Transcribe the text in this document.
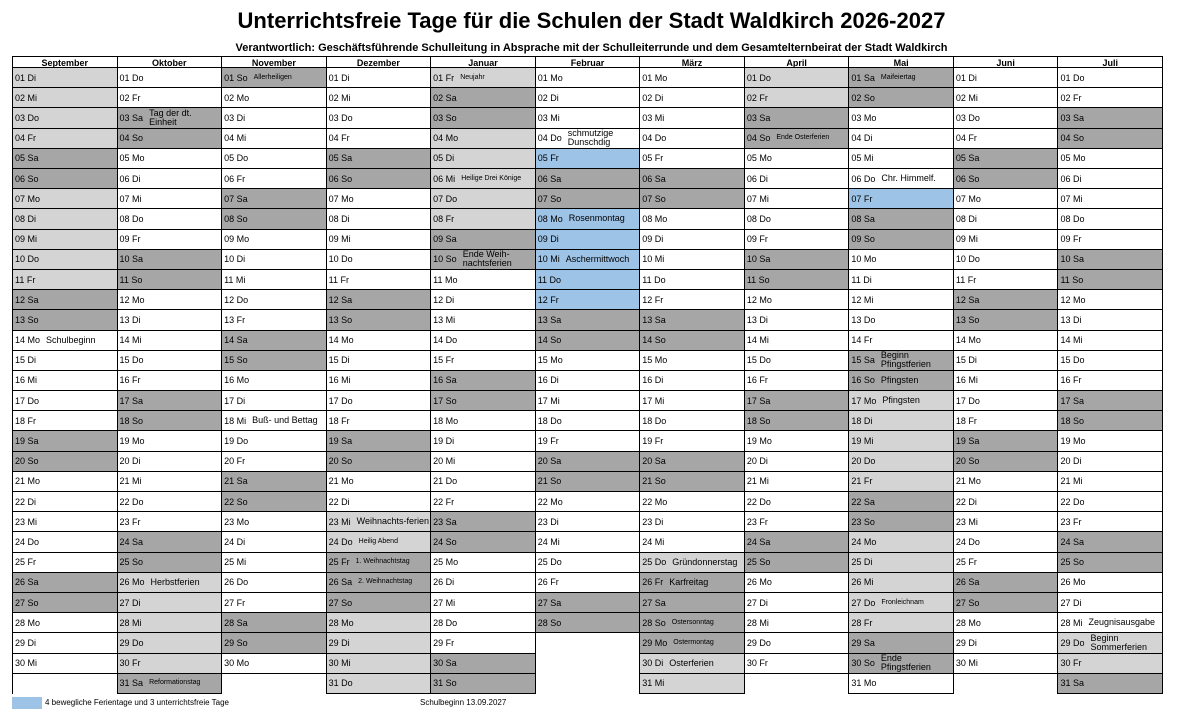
Unterrichtsfreie Tage für die Schulen der Stadt Waldkirch 2026-2027
Verantwortlich: Geschäftsführende Schulleitung in Absprache mit der Schulleiterrunde und dem Gesamtelternbeirat der Stadt Waldkirch
September
01 Di
02 Mi
03 Do
04 Fr
05 Sa
06 So
07 Mo
08 Di
09 Mi
10 Do
11 Fr
12 Sa
13 So
14 Mo Schulbeginn
15 Di
16 Mi
17 Do
18 Fr
19 Sa
20 So
21 Mo
22 Di
23 Mi
24 Do
25 Fr
26 Sa
27 So
28 Mo
29 Di
30 Mi
Oktober
01 Do
02 Fr
03 Sa Tag der dt. Einheit
04 So
05 Mo
06 Di
07 Mi
08 Do
09 Fr
10 Sa
11 So
12 Mo
13 Di
14 Mi
15 Do
16 Fr
17 Sa
18 So
19 Mo
20 Di
21 Mi
22 Do
23 Fr
24 Sa
25 So
26 Mo Herbstferien
27 Di
28 Mi
29 Do
30 Fr
31 Sa Reformationstag
November
01 So Allerheiligen
02 Mo
03 Di
04 Mi
05 Do
06 Fr
07 Sa
08 So
09 Mo
10 Di
11 Mi
12 Do
13 Fr
14 Sa
15 So
16 Mo
17 Di
18 Mi Buß- und Bettag
19 Do
20 Fr
21 Sa
22 So
23 Mo
24 Di
25 Mi
26 Do
27 Fr
28 Sa
29 So
30 Mo
Dezember
01 Di
02 Mi
03 Do
04 Fr
05 Sa
06 So
07 Mo
08 Di
09 Mi
10 Do
11 Fr
12 Sa
13 So
14 Mo
15 Di
16 Mi
17 Do
18 Fr
19 Sa
20 So
21 Mo
22 Di
23 Mi Weihnachts-ferien
24 Do Heilig Abend
25 Fr 1. Weihnachtstag
26 Sa 2. Weihnachtstag
27 So
28 Mo
29 Di
30 Mi
31 Do
Januar
01 Fr Neujahr
02 Sa
03 So
04 Mo
05 Di
06 Mi Heilige Drei Könige
07 Do
08 Fr
09 Sa
10 So Ende Weih-nachtsferien
11 Mo
12 Di
13 Mi
14 Do
15 Fr
16 Sa
17 So
18 Mo
19 Di
20 Mi
21 Do
22 Fr
23 Sa
24 So
25 Mo
26 Di
27 Mi
28 Do
29 Fr
30 Sa
31 So
Februar
01 Mo
02 Di
03 Mi
04 Do schmutzige Dunschdig
05 Fr
06 Sa
07 So
08 Mo Rosenmontag
09 Di
10 Mi Aschermittwoch
11 Do
12 Fr
13 Sa
14 So
15 Mo
16 Di
17 Mi
18 Do
19 Fr
20 Sa
21 So
22 Mo
23 Di
24 Mi
25 Do
26 Fr
27 Sa
28 So
März
01 Mo
02 Di
03 Mi
04 Do
05 Fr
06 Sa
07 So
08 Mo
09 Di
10 Mi
11 Do
12 Fr
13 Sa
14 So
15 Mo
16 Di
17 Mi
18 Do
19 Fr
20 Sa
21 So
22 Mo
23 Di
24 Mi
25 Do Gründonnerstag
26 Fr Karfreitag
27 Sa
28 So Ostersonntag
29 Mo Ostermontag
30 Di Osterferien
31 Mi
April
01 Do
02 Fr
03 Sa
04 So Ende Osterferien
05 Mo
06 Di
07 Mi
08 Do
09 Fr
10 Sa
11 So
12 Mo
13 Di
14 Mi
15 Do
16 Fr
17 Sa
18 So
19 Mo
20 Di
21 Mi
22 Do
23 Fr
24 Sa
25 So
26 Mo
27 Di
28 Mi
29 Do
30 Fr
Mai
01 Sa Maifeiertag
02 So
03 Mo
04 Di
05 Mi
06 Do Chr. Himmelf.
07 Fr
08 Sa
09 So
10 Mo
11 Di
12 Mi
13 Do
14 Fr
15 Sa Beginn Pfingstferien
16 So Pfingsten
17 Mo Pfingsten
18 Di
19 Mi
20 Do
21 Fr
22 Sa
23 So
24 Mo
25 Di
26 Mi
27 Do Fronleichnam
28 Fr
29 Sa
30 So Ende Pfingstferien
31 Mo
Juni
01 Di
02 Mi
03 Do
04 Fr
05 Sa
06 So
07 Mo
08 Di
09 Mi
10 Do
11 Fr
12 Sa
13 So
14 Mo
15 Di
16 Mi
17 Do
18 Fr
19 Sa
20 So
21 Mo
22 Di
23 Mi
24 Do
25 Fr
26 Sa
27 So
28 Mo
29 Di
30 Mi
Juli
01 Do
02 Fr
03 Sa
04 So
05 Mo
06 Di
07 Mi
08 Do
09 Fr
10 Sa
11 So
12 Mo
13 Di
14 Mi
15 Do
16 Fr
17 Sa
18 So
19 Mo
20 Di
21 Mi
22 Do
23 Fr
24 Sa
25 So
26 Mo
27 Di
28 Mi Zeugnisausgabe
29 Do Beginn Sommerferien
30 Fr
31 Sa
4 bewegliche Ferientage und 3 unterrichtsfreie Tage	Schulbeginn 13.09.2027
